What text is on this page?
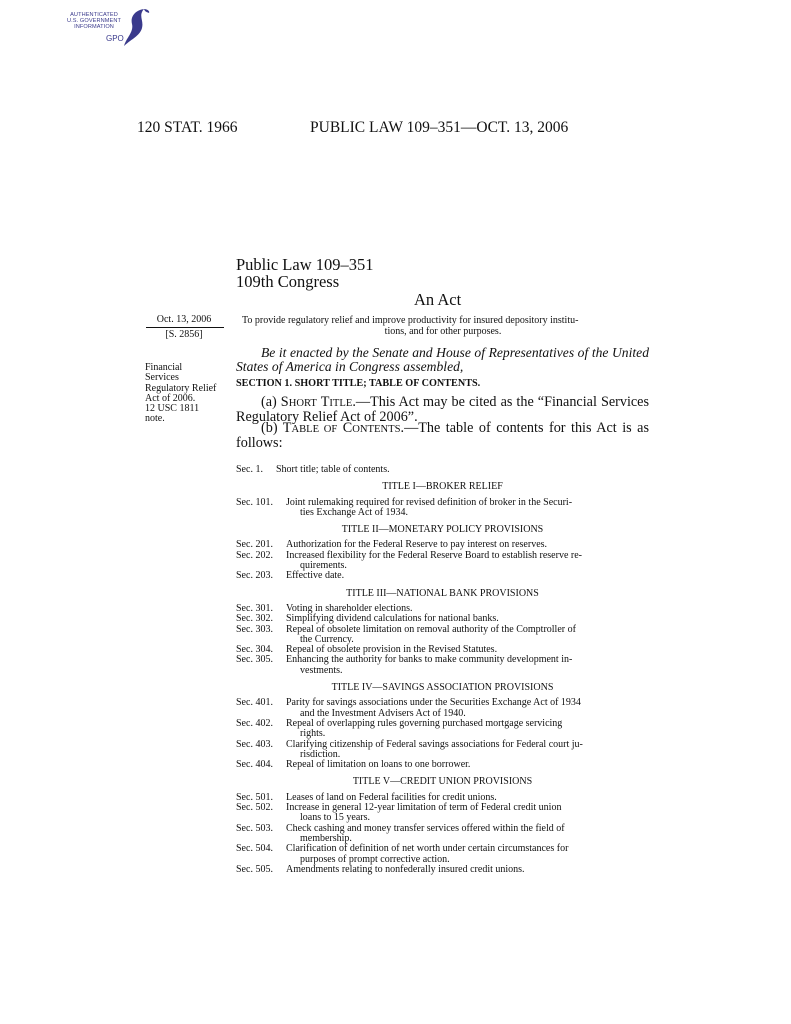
AUTHENTICATED
U.S. GOVERNMENT
INFORMATION
GPO
120 STAT. 1966	PUBLIC LAW 109–351—OCT. 13, 2006
Public Law 109–351
109th Congress
An Act
Oct. 13, 2006
[S. 2856]
Financial
Services
Regulatory Relief
Act of 2006.
12 USC 1811
note.
To provide regulatory relief and improve productivity for insured depository institu-
tions, and for other purposes.
Be it enacted by the Senate and House of Representatives of the United States of America in Congress assembled,
SECTION 1. SHORT TITLE; TABLE OF CONTENTS.
(a) SHORT TITLE.—This Act may be cited as the “Financial Services Regulatory Relief Act of 2006”.
(b) TABLE OF CONTENTS.—The table of contents for this Act is as follows:
Sec. 1.	Short title; table of contents.
TITLE I—BROKER RELIEF
Sec. 101.	Joint rulemaking required for revised definition of broker in the Securi-
ties Exchange Act of 1934.
TITLE II—MONETARY POLICY PROVISIONS
Sec. 201.	Authorization for the Federal Reserve to pay interest on reserves.
Sec. 202.	Increased flexibility for the Federal Reserve Board to establish reserve re-
quirements.
Sec. 203.	Effective date.
TITLE III—NATIONAL BANK PROVISIONS
Sec. 301.	Voting in shareholder elections.
Sec. 302.	Simplifying dividend calculations for national banks.
Sec. 303.	Repeal of obsolete limitation on removal authority of the Comptroller of
the Currency.
Sec. 304.	Repeal of obsolete provision in the Revised Statutes.
Sec. 305.	Enhancing the authority for banks to make community development in-
vestments.
TITLE IV—SAVINGS ASSOCIATION PROVISIONS
Sec. 401.	Parity for savings associations under the Securities Exchange Act of 1934
and the Investment Advisers Act of 1940.
Sec. 402.	Repeal of overlapping rules governing purchased mortgage servicing
rights.
Sec. 403.	Clarifying citizenship of Federal savings associations for Federal court ju-
risdiction.
Sec. 404.	Repeal of limitation on loans to one borrower.
TITLE V—CREDIT UNION PROVISIONS
Sec. 501.	Leases of land on Federal facilities for credit unions.
Sec. 502.	Increase in general 12-year limitation of term of Federal credit union
loans to 15 years.
Sec. 503.	Check cashing and money transfer services offered within the field of
membership.
Sec. 504.	Clarification of definition of net worth under certain circumstances for
purposes of prompt corrective action.
Sec. 505.	Amendments relating to nonfederally insured credit unions.
